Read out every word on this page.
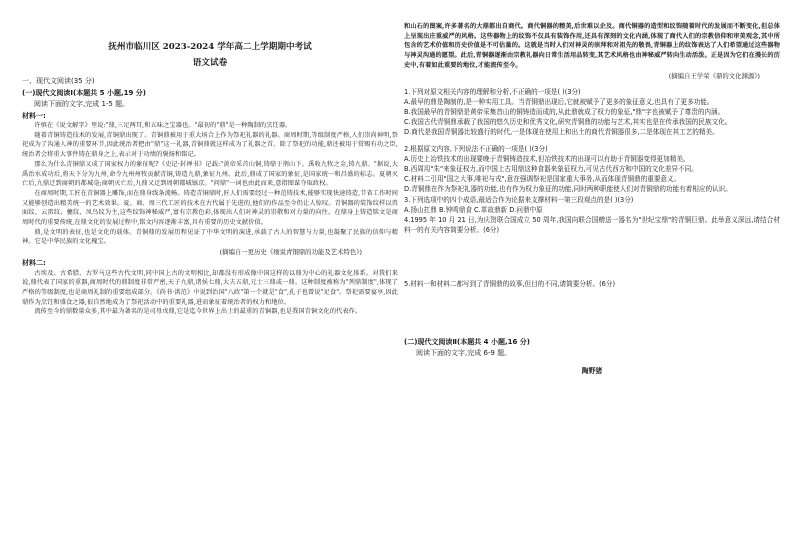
抚州市临川区 2023-2024 学年高二上学期期中考试
语文试卷
一、现代文阅读(35 分)
(一)现代文阅读Ⅰ(本题共 5 小题,19 分)
阅读下面的文字,完成 1-5 题。
材料一:

许慎在《说文解字》里说:"鼎,三足两耳,和五味之宝器也。"最初的"鼎"是一种陶制的烹饪器。

随着青铜铸造技术的发展,青铜鼎出现了。青铜鼎被用于重大场合上作为祭祀礼器的礼器。商周时期,等级制度严格,人们崇尚神明,祭祀成为了沟通人神的重要环节,因此统治者把由"鼎"这一礼器,青铜鼎就这样成为了礼器之首。除了祭祀的功能,鼎还被用于赏赐有功之臣,统治者会将重大事件铸在鼎身之上,表示对于功绩的褒扬和铭记。

那么为什么青铜鼎又成了国家权力的象征呢?《史记·封禅书》记载:"黄帝采首山铜,铸鼎于荆山下。禹收九牧之金,铸九鼎。"据说,大禹治水成功后,将天下分为九州,命令九州州牧贡献青铜,铸造九鼎,象征九州。此后,鼎成了国家的象征,是国家统一和昌盛的标志。夏朝灭亡后,九鼎迁到商朝的都城亳;商朝灭亡后,九鼎又迁到周朝都城镐京。"问鼎"一词也由此而来,意指图谋夺取政权。

在商周时期,工匠在青铜器上雕饰,而在鼎身线条流畅。铸造青铜鼎时,匠人们需要经过一种范铸技术,能够实现快速铸造,节省工作时间又能够创造出精美统一的艺术效果。夏、商、周三代工匠的技术在古代属于先进的,他们的作品至今仍让人惊叹。青铜器的装饰纹样以兽面纹、云雷纹、夔纹、凤鸟纹为主,这些纹饰神秘威严,富有宗教色彩,体现出人们对神灵的崇敬和对力量的向往。在鼎身上铸造铭文是商周时代的重要传统,在鼎文化的发展过程中,铭文内容逐渐丰富,具有重要的历史文献价值。

鼎,是文明的表征,也是文化的载体。青铜鼎的发展历程见证了中华文明的演进,承载了古人的智慧与力量,也凝聚了民族的信仰与精神。它是中华民族的文化瑰宝。

(摘编自一更历史《细说青铜鼎的功能及艺术特色》)
材料二:

古埃及、古希腊、古罗马这些古代文明,同中国上古的文明相比,却都没有形成像中国这样的以鼎为中心的礼器文化体系。对我们来说,鼎代表了国家的重器,商周时代的鼎制度非常严密,天子九鼎,诸侯七鼎,大夫五鼎,元士三鼎或一鼎。这种制度被称为"列鼎制度",体现了严格的等级制度,也是商周礼制的重要组成部分。《尚书·洪范》中说到治国"八政"第一个就是"食",孔子也曾说"足食"。祭祀需要宴享,因此鼎作为烹饪和盛食之器,很自然地成为了祭祀活动中的重要礼器,进而象征着统治者的权力和地位。

流传至今的鼎数量众多,其中最为著名的是司母戊鼎,它是迄今世界上出土的最重的青铜器,也是我国青铜文化的代表作。

和山石的图案,许多著名的大鼎都出自商代。商代铜器的精美,后世难以企及。商代铜器的造型和纹饰随着时代的发展而不断变化,但总体上呈现出庄重威严的风格。这些器物上的纹饰不仅具有装饰作用,还具有深刻的文化内涵,体现了商代人们的宗教信仰和审美观念,其中所包含的艺术价值和历史价值是不可估量的。这就是当时人们对神灵的崇拜和对祖先的敬畏,青铜器上的纹饰表达了人们希望通过这些器物与神灵沟通的愿望。此后,青铜器逐渐由宗教礼器向日常生活用品转变,其艺术风格也由神秘威严转向生动活泼。正是因为它们在漫长的历史中,有着如此重要的地位,才能流传至今。

(摘编自王学荣《鼎的文化渊源》)
1.下列对原文相关内容的理解和分析,不正确的一项是( )(3分)
A.最早的鼎是陶制的,是一种实用工具。当青铜鼎出现后,它就被赋予了更多的象征意义,也具有了更多功能。
B.我国最早的青铜鼎是黄帝采集首山的铜铸造而成的,从此鼎就成了权力的象征,"鼎"字也被赋予了尊贵的内涵。
C.我国古代青铜鼎承载了我国的悠久历史和优秀文化,研究青铜鼎的功能与艺术,其实也是在传承我国的民族文化。
D.商代是我国青铜器比较盛行的时代,一是体现在使用上和出土的商代青铜器很多,二是体现在其工艺的精美。
2.根据原文内容,下列说法不正确的一项是( )(3分)
A.历史上冶铁技术的出现要晚于青铜铸造技术,但冶铁技术的出现可以有助于青铜器变得更加精美。
B.西周用"朱"来象征权力,而中国上古用鼎这种食器来象征权力,可见古代西方和中国的文化差异不同。
C.材料二引用"国之大事,唯祀与戎",意在强调祭祀是国家重大事务,从而体现青铜鼎的重要意义。
D.青铜鼎在作为祭祀礼器的功能,也有作为权力象征的功能,同时两种职能使人们对青铜鼎的功能有着相应的认识。
3.下列选项中的四个成语,最适合作为论据来支撑材料一第三段观点的是( )(3分)
A.扬山扛鼎 B.钟鸣鼎食 C.革故鼎新 D.问鼎中原
4.1995 年 10 月 21 日,为庆贺联合国成立 50 周年,我国向联合国赠送一器名为"世纪宝鼎"的青铜巨鼎。此举意义深远,请结合材料一的有关内容简要分析。(6分)
5.材料一和材料二都写到了青铜鼎的故事,但目的不同,请简要分析。(6分)
(二)现代文阅读Ⅱ(本题共 4 小题,16 分)
阅读下面的文字,完成 6-9 题。
陶野猪
